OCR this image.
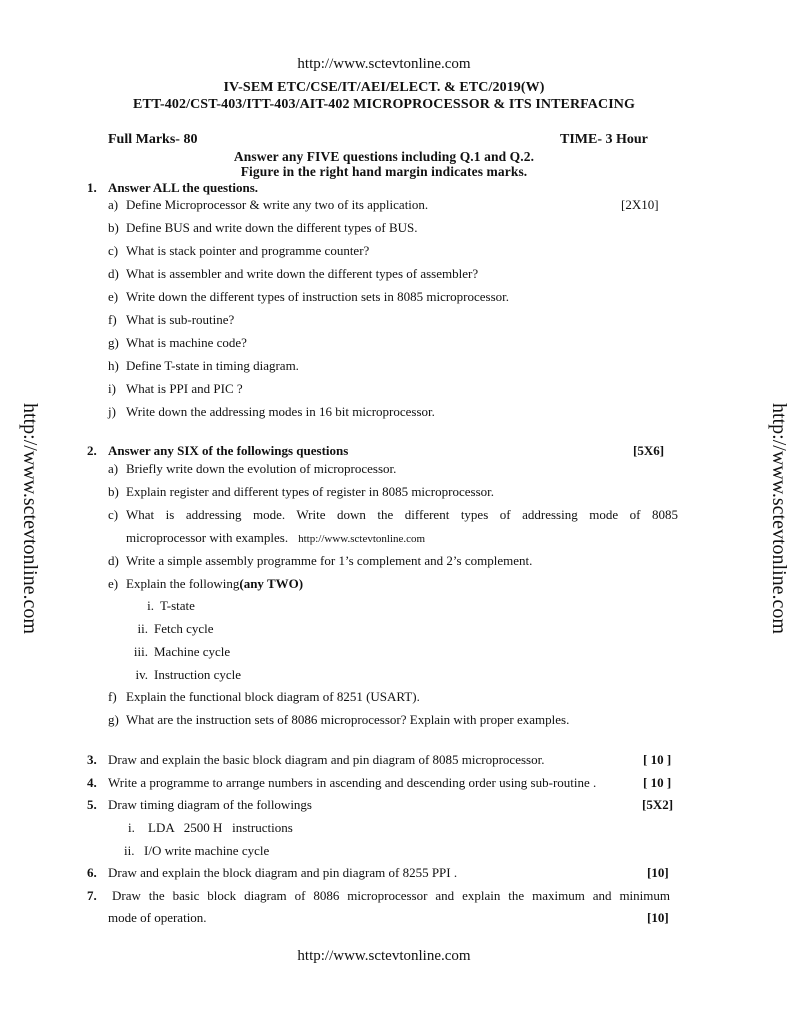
http://www.sctevtonline.com
http://www.sctevtonline.com	http://www.sctevtonline.com
IV-SEM ETC/CSE/IT/AEI/ELECT. & ETC/2019(W)
ETT-402/CST-403/ITT-403/AIT-402 MICROPROCESSOR & ITS INTERFACING
Full Marks- 80	TIME- 3 Hour
Answer any FIVE questions including Q.1 and Q.2.
Figure in the right hand margin indicates marks.
1. Answer ALL the questions.
[2X10]
a) Define Microprocessor & write any two of its application.
b) Define BUS and write down the different types of BUS.
c) What is stack pointer and programme counter?
d) What is assembler and write down the different types of assembler?
e) Write down the different types of instruction sets in 8085 microprocessor.
f) What is sub-routine?
g) What is machine code?
h) Define T-state in timing diagram.
i) What is PPI and PIC ?
j) Write down the addressing modes in 16 bit microprocessor.
2. Answer any SIX of the followings questions	[5X6]
a) Briefly write down the evolution of microprocessor.
b) Explain register and different types of register in 8085 microprocessor.
c) What is addressing mode. Write down the different types of addressing mode of 8085
microprocessor with examples. http://www.sctevtonline.com
d) Write a simple assembly programme for 1’s complement and 2’s complement.
e) Explain the following(any TWO)
i. T-state
ii. Fetch cycle
iii. Machine cycle
iv. Instruction cycle
f) Explain the functional block diagram of 8251 (USART).
g) What are the instruction sets of 8086 microprocessor? Explain with proper examples.
3. Draw and explain the basic block diagram and pin diagram of 8085 microprocessor.	[ 10 ]
4. Write a programme to arrange numbers in ascending and descending order using sub-routine .	[ 10 ]
5. Draw timing diagram of the followings	[5X2]
i. LDA   2500 H   instructions
ii. I/O write machine cycle
6. Draw and explain the block diagram and pin diagram of 8255 PPI .	[10]
7. Draw the basic block diagram of 8086 microprocessor and explain the maximum and minimum
mode of operation.	[10]
http://www.sctevtonline.com
